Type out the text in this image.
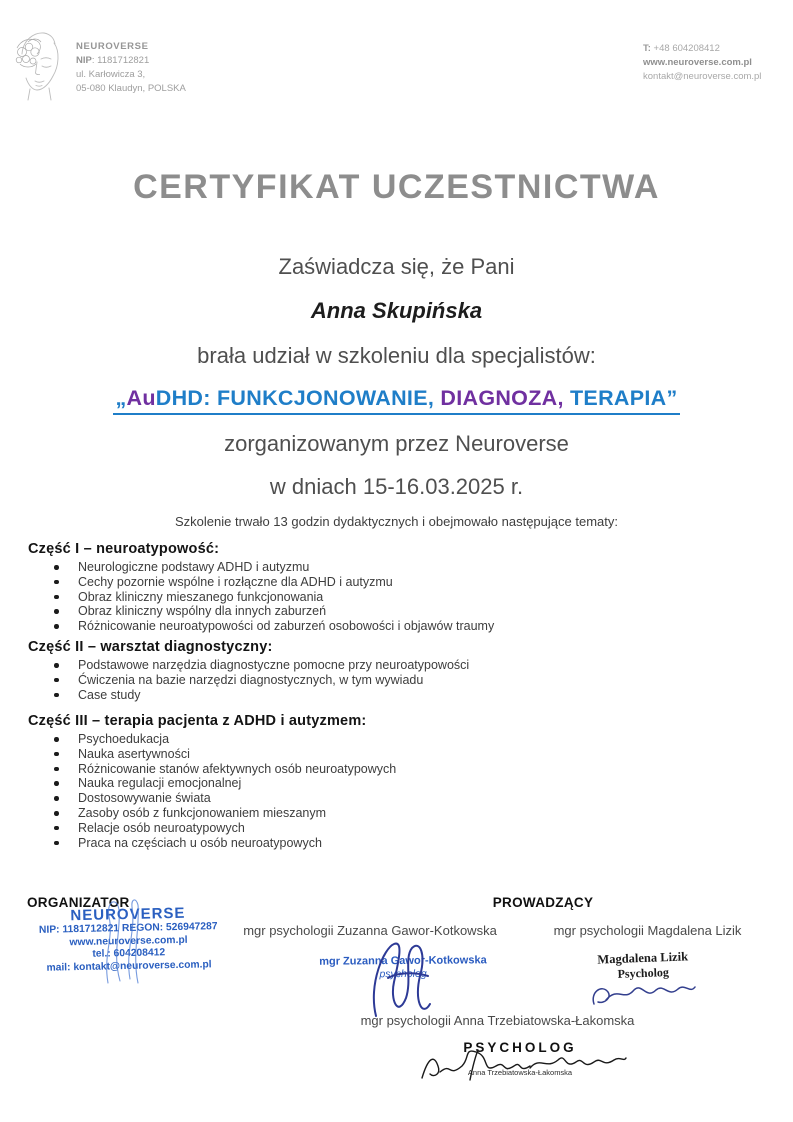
NEUROVERSE
NIP: 1181712821
ul. Karłowicza 3,
05-080 Klaudyn, POLSKA
T: +48 604208412
www.neuroverse.com.pl
kontakt@neuroverse.com.pl
CERTYFIKAT UCZESTNICTWA
Zaświadcza się, że Pani
Anna Skupińska
brała udział w szkoleniu dla specjalistów:
„AuDHD: FUNKCJONOWANIE, DIAGNOZA, TERAPIA”
zorganizowanym przez Neuroverse
w dniach 15-16.03.2025 r.
Szkolenie trwało 13 godzin dydaktycznych i obejmowało następujące tematy:
Część I – neuroatypowość:
Neurologiczne podstawy ADHD i autyzmu
Cechy pozornie wspólne i rozłączne dla ADHD i autyzmu
Obraz kliniczny mieszanego funkcjonowania
Obraz kliniczny wspólny dla innych zaburzeń
Różnicowanie neuroatypowości od zaburzeń osobowości i objawów traumy
Część II – warsztat diagnostyczny:
Podstawowe narzędzia diagnostyczne pomocne przy neuroatypowości
Ćwiczenia na bazie narzędzi diagnostycznych, w tym wywiadu
Case study
Część III – terapia pacjenta z ADHD i autyzmem:
Psychoedukacja
Nauka asertywności
Różnicowanie stanów afektywnych osób neuroatypowych
Nauka regulacji emocjonalnej
Dostosowywanie świata
Zasoby osób z funkcjonowaniem mieszanym
Relacje osób neuroatypowych
Praca na częściach u osób neuroatypowych
ORGANIZATOR	PROWADZĄCY
NEUROVERSE
NIP: 1181712821 REGON: 526947287
www.neuroverse.com.pl
tel.: 604208412
mail: kontakt@neuroverse.com.pl
mgr psychologii Zuzanna Gawor-Kotkowska	mgr psychologii Magdalena Lizik
mgr psychologii Anna Trzebiatowska-Łakomska
mgr Zuzanna Gawor-Kotkowska
psycholog
Magdalena Lizik
Psycholog
PSYCHOLOG
Anna Trzebiatowska-Łakomska
